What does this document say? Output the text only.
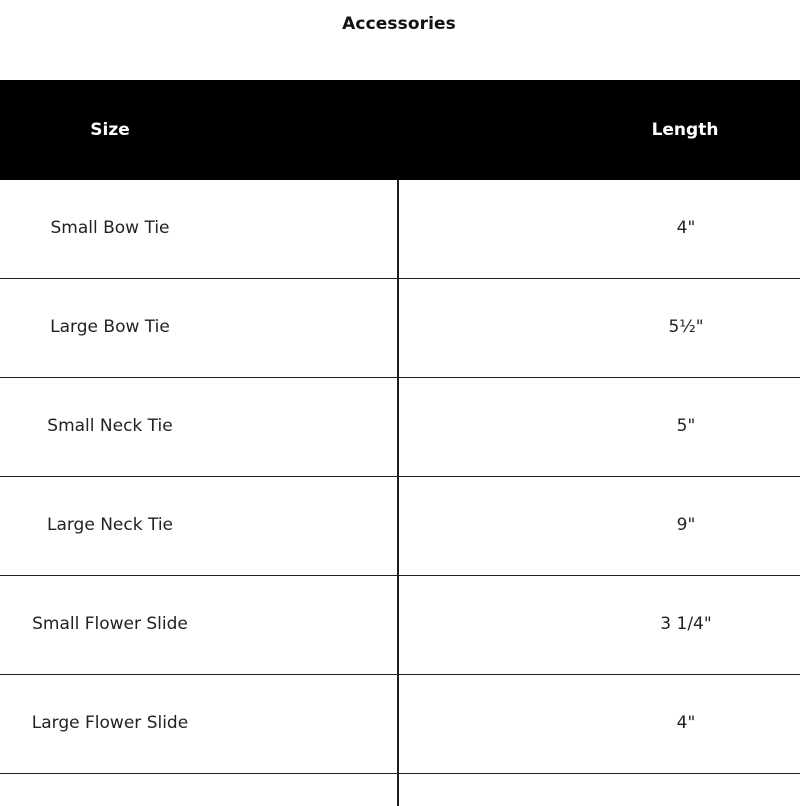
Accessories
Size	Length
Small Bow Tie	4"
Large Bow Tie	5½"
Small Neck Tie	5"
Large Neck Tie	9"
Small Flower Slide	3 1/4"
Large Flower Slide	4"
